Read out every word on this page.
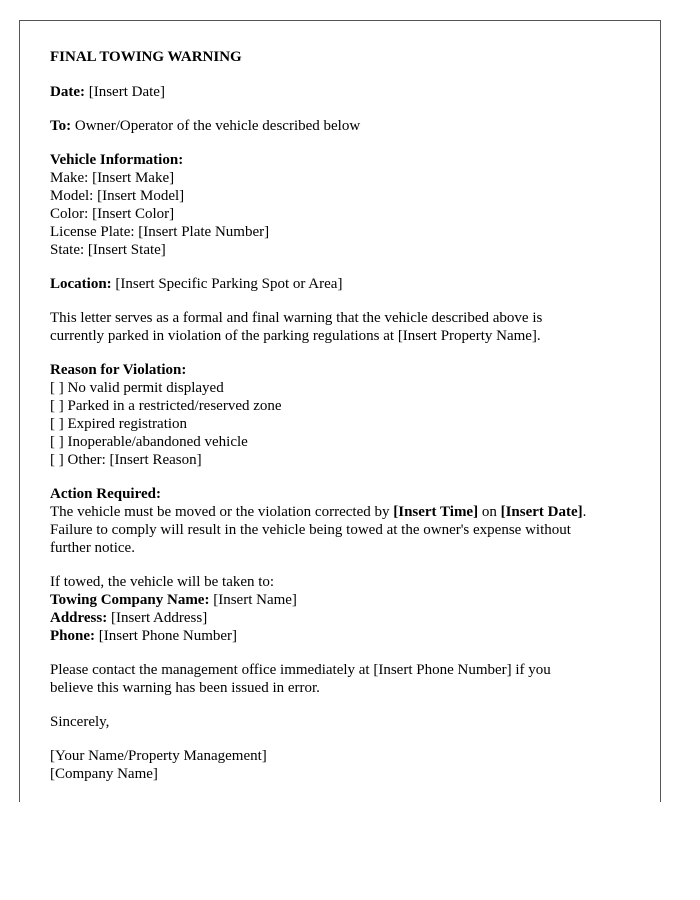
FINAL TOWING WARNING
Date: [Insert Date]
To: Owner/Operator of the vehicle described below
Vehicle Information:
Make: [Insert Make]
Model: [Insert Model]
Color: [Insert Color]
License Plate: [Insert Plate Number]
State: [Insert State]
Location: [Insert Specific Parking Spot or Area]
This letter serves as a formal and final warning that the vehicle described above is
currently parked in violation of the parking regulations at [Insert Property Name].
Reason for Violation:
[ ] No valid permit displayed
[ ] Parked in a restricted/reserved zone
[ ] Expired registration
[ ] Inoperable/abandoned vehicle
[ ] Other: [Insert Reason]
Action Required:
The vehicle must be moved or the violation corrected by [Insert Time] on [Insert Date].
Failure to comply will result in the vehicle being towed at the owner's expense without
further notice.
If towed, the vehicle will be taken to:
Towing Company Name: [Insert Name]
Address: [Insert Address]
Phone: [Insert Phone Number]
Please contact the management office immediately at [Insert Phone Number] if you
believe this warning has been issued in error.
Sincerely,
[Your Name/Property Management]
[Company Name]
